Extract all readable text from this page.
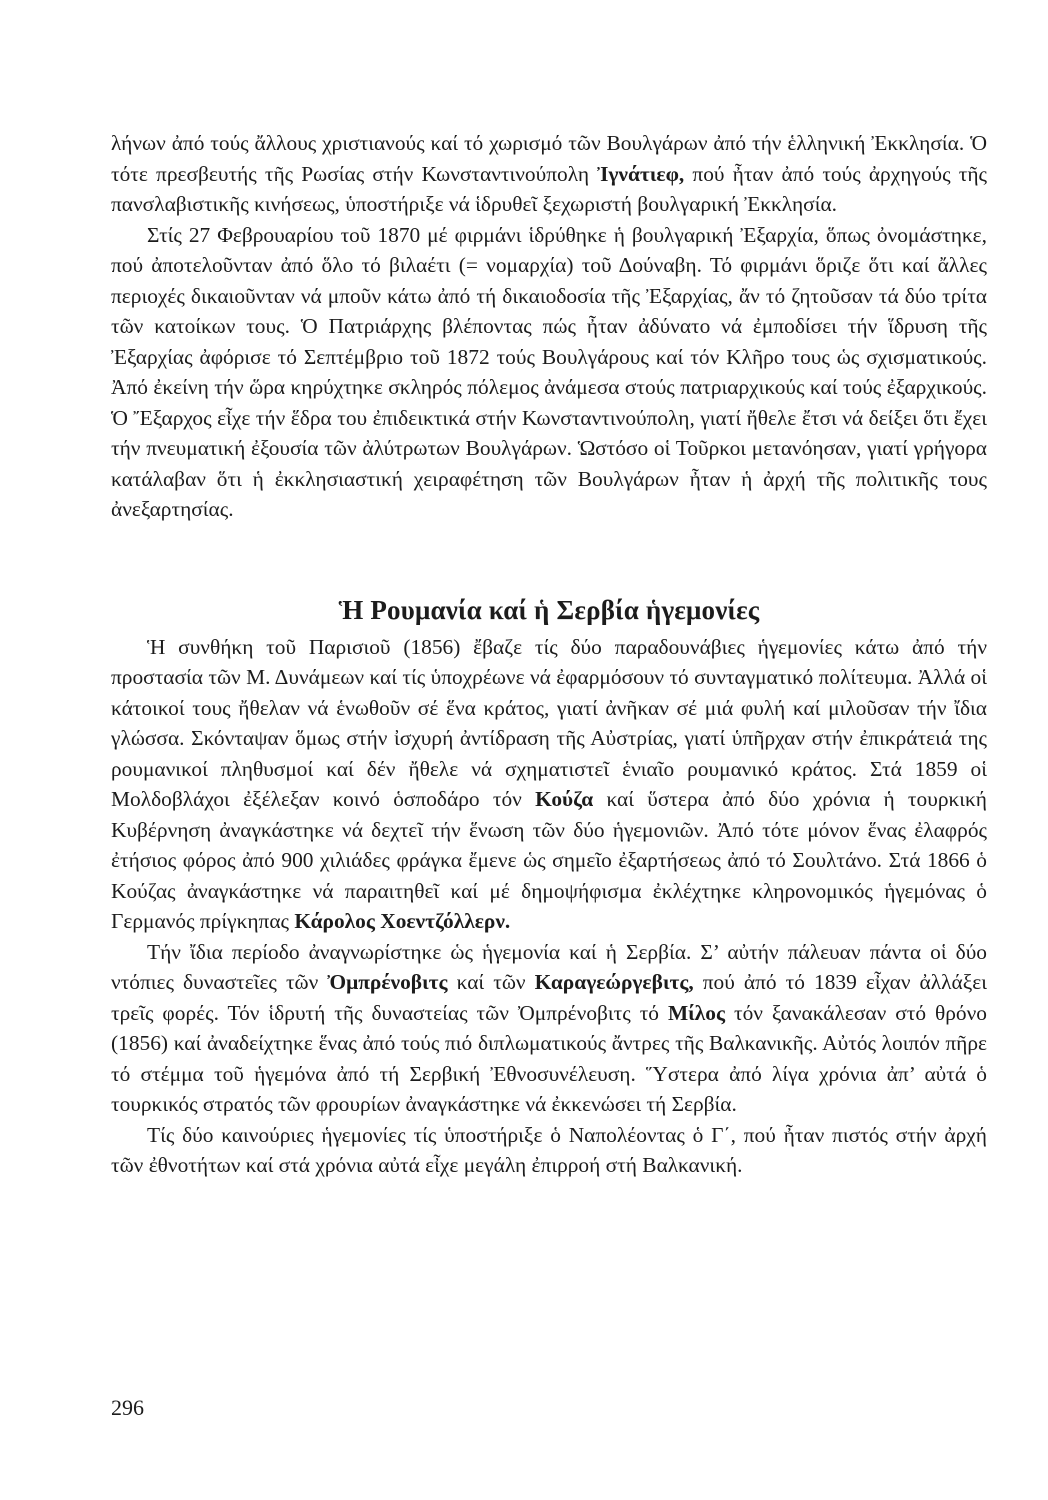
λήνων ἀπό τούς ἄλλους χριστιανούς καί τό χωρισμό τῶν Βουλγάρων ἀπό τήν ἑλληνική Ἐκκλησία. Ὁ τότε πρεσβευτής τῆς Ρωσίας στήν Κωνσταντινούπολη Ἰγνάτιεφ, πού ἦταν ἀπό τούς ἀρχηγούς τῆς πανσλαβιστικῆς κινήσεως, ὑποστήριξε νά ἱδρυθεῖ ξεχωριστή βουλγαρική Ἐκκλησία.

Στίς 27 Φεβρουαρίου τοῦ 1870 μέ φιρμάνι ἱδρύθηκε ἡ βουλγαρική Ἐξαρχία, ὅπως ὀνομάστηκε, πού ἀποτελοῦνταν ἀπό ὅλο τό βιλαέτι (= νομαρχία) τοῦ Δούναβη. Τό φιρμάνι ὅριζε ὅτι καί ἄλλες περιοχές δικαιοῦνταν νά μποῦν κάτω ἀπό τή δικαιοδοσία τῆς Ἐξαρχίας, ἄν τό ζητοῦσαν τά δύο τρίτα τῶν κατοίκων τους. Ὁ Πατριάρχης βλέποντας πώς ἦταν ἀδύνατο νά ἐμποδίσει τήν ἵδρυση τῆς Ἐξαρχίας ἀφόρισε τό Σεπτέμβριο τοῦ 1872 τούς Βουλγάρους καί τόν Κλῆρο τους ὡς σχισματικούς. Ἀπό ἐκείνη τήν ὥρα κηρύχτηκε σκληρός πόλεμος ἀνάμεσα στούς πατριαρχικούς καί τούς ἐξαρχικούς. Ὁ Ἔξαρχος εἶχε τήν ἕδρα του ἐπιδεικτικά στήν Κωνσταντινούπολη, γιατί ἤθελε ἔτσι νά δείξει ὅτι ἔχει τήν πνευματική ἐξουσία τῶν ἀλύτρωτων Βουλγάρων. Ὡστόσο οἱ Τοῦρκοι μετανόησαν, γιατί γρήγορα κατάλαβαν ὅτι ἡ ἐκκλησιαστική χειραφέτηση τῶν Βουλγάρων ἦταν ἡ ἀρχή τῆς πολιτικῆς τους ἀνεξαρτησίας.

Ἡ Ρουμανία καί ἡ Σερβία ἡγεμονίες

Ἡ συνθήκη τοῦ Παρισιοῦ (1856) ἔβαζε τίς δύο παραδουνάβιες ἡγεμονίες κάτω ἀπό τήν προστασία τῶν Μ. Δυνάμεων καί τίς ὑποχρέωνε νά ἐφαρμόσουν τό συνταγματικό πολίτευμα. Ἀλλά οἱ κάτοικοί τους ἤθελαν νά ἑνωθοῦν σέ ἕνα κράτος, γιατί ἀνῆκαν σέ μιά φυλή καί μιλοῦσαν τήν ἴδια γλώσσα. Σκόνταψαν ὅμως στήν ἰσχυρή ἀντίδραση τῆς Αὐστρίας, γιατί ὑπῆρχαν στήν ἐπικράτειά της ρουμανικοί πληθυσμοί καί δέν ἤθελε νά σχηματιστεῖ ἑνιαῖο ρουμανικό κράτος. Στά 1859 οἱ Μολδοβλάχοι ἐξέλεξαν κοινό ὁσποδάρο τόν Κούζα καί ὕστερα ἀπό δύο χρόνια ἡ τουρκική Κυβέρνηση ἀναγκάστηκε νά δεχτεῖ τήν ἕνωση τῶν δύο ἡγεμονιῶν. Ἀπό τότε μόνον ἕνας ἐλαφρός ἐτήσιος φόρος ἀπό 900 χιλιάδες φράγκα ἔμενε ὡς σημεῖο ἐξαρτήσεως ἀπό τό Σουλτάνο. Στά 1866 ὁ Κούζας ἀναγκάστηκε νά παραιτηθεῖ καί μέ δημοψήφισμα ἐκλέχτηκε κληρονομικός ἡγεμόνας ὁ Γερμανός πρίγκηπας Κάρολος Χοεντζόλλερν.

Τήν ἴδια περίοδο ἀναγνωρίστηκε ὡς ἡγεμονία καί ἡ Σερβία. Σ’ αὐτήν πάλευαν πάντα οἱ δύο ντόπιες δυναστεῖες τῶν Ὀμπρένοβιτς καί τῶν Καραγεώργεβιτς, πού ἀπό τό 1839 εἶχαν ἀλλάξει τρεῖς φορές. Τόν ἱδρυτή τῆς δυναστείας τῶν Ὀμπρένοβιτς τό Μίλος τόν ξανακάλεσαν στό θρόνο (1856) καί ἀναδείχτηκε ἕνας ἀπό τούς πιό διπλωματικούς ἄντρες τῆς Βαλκανικῆς. Αὐτός λοιπόν πῆρε τό στέμμα τοῦ ἡγεμόνα ἀπό τή Σερβική Ἐθνοσυνέλευση. Ὕστερα ἀπό λίγα χρόνια ἀπ’ αὐτά ὁ τουρκικός στρατός τῶν φρουρίων ἀναγκάστηκε νά ἐκκενώσει τή Σερβία.

Τίς δύο καινούριες ἡγεμονίες τίς ὑποστήριξε ὁ Ναπολέοντας ὁ Γ΄, πού ἦταν πιστός στήν ἀρχή τῶν ἐθνοτήτων καί στά χρόνια αὐτά εἶχε μεγάλη ἐπιρροή στή Βαλκανική.

296
